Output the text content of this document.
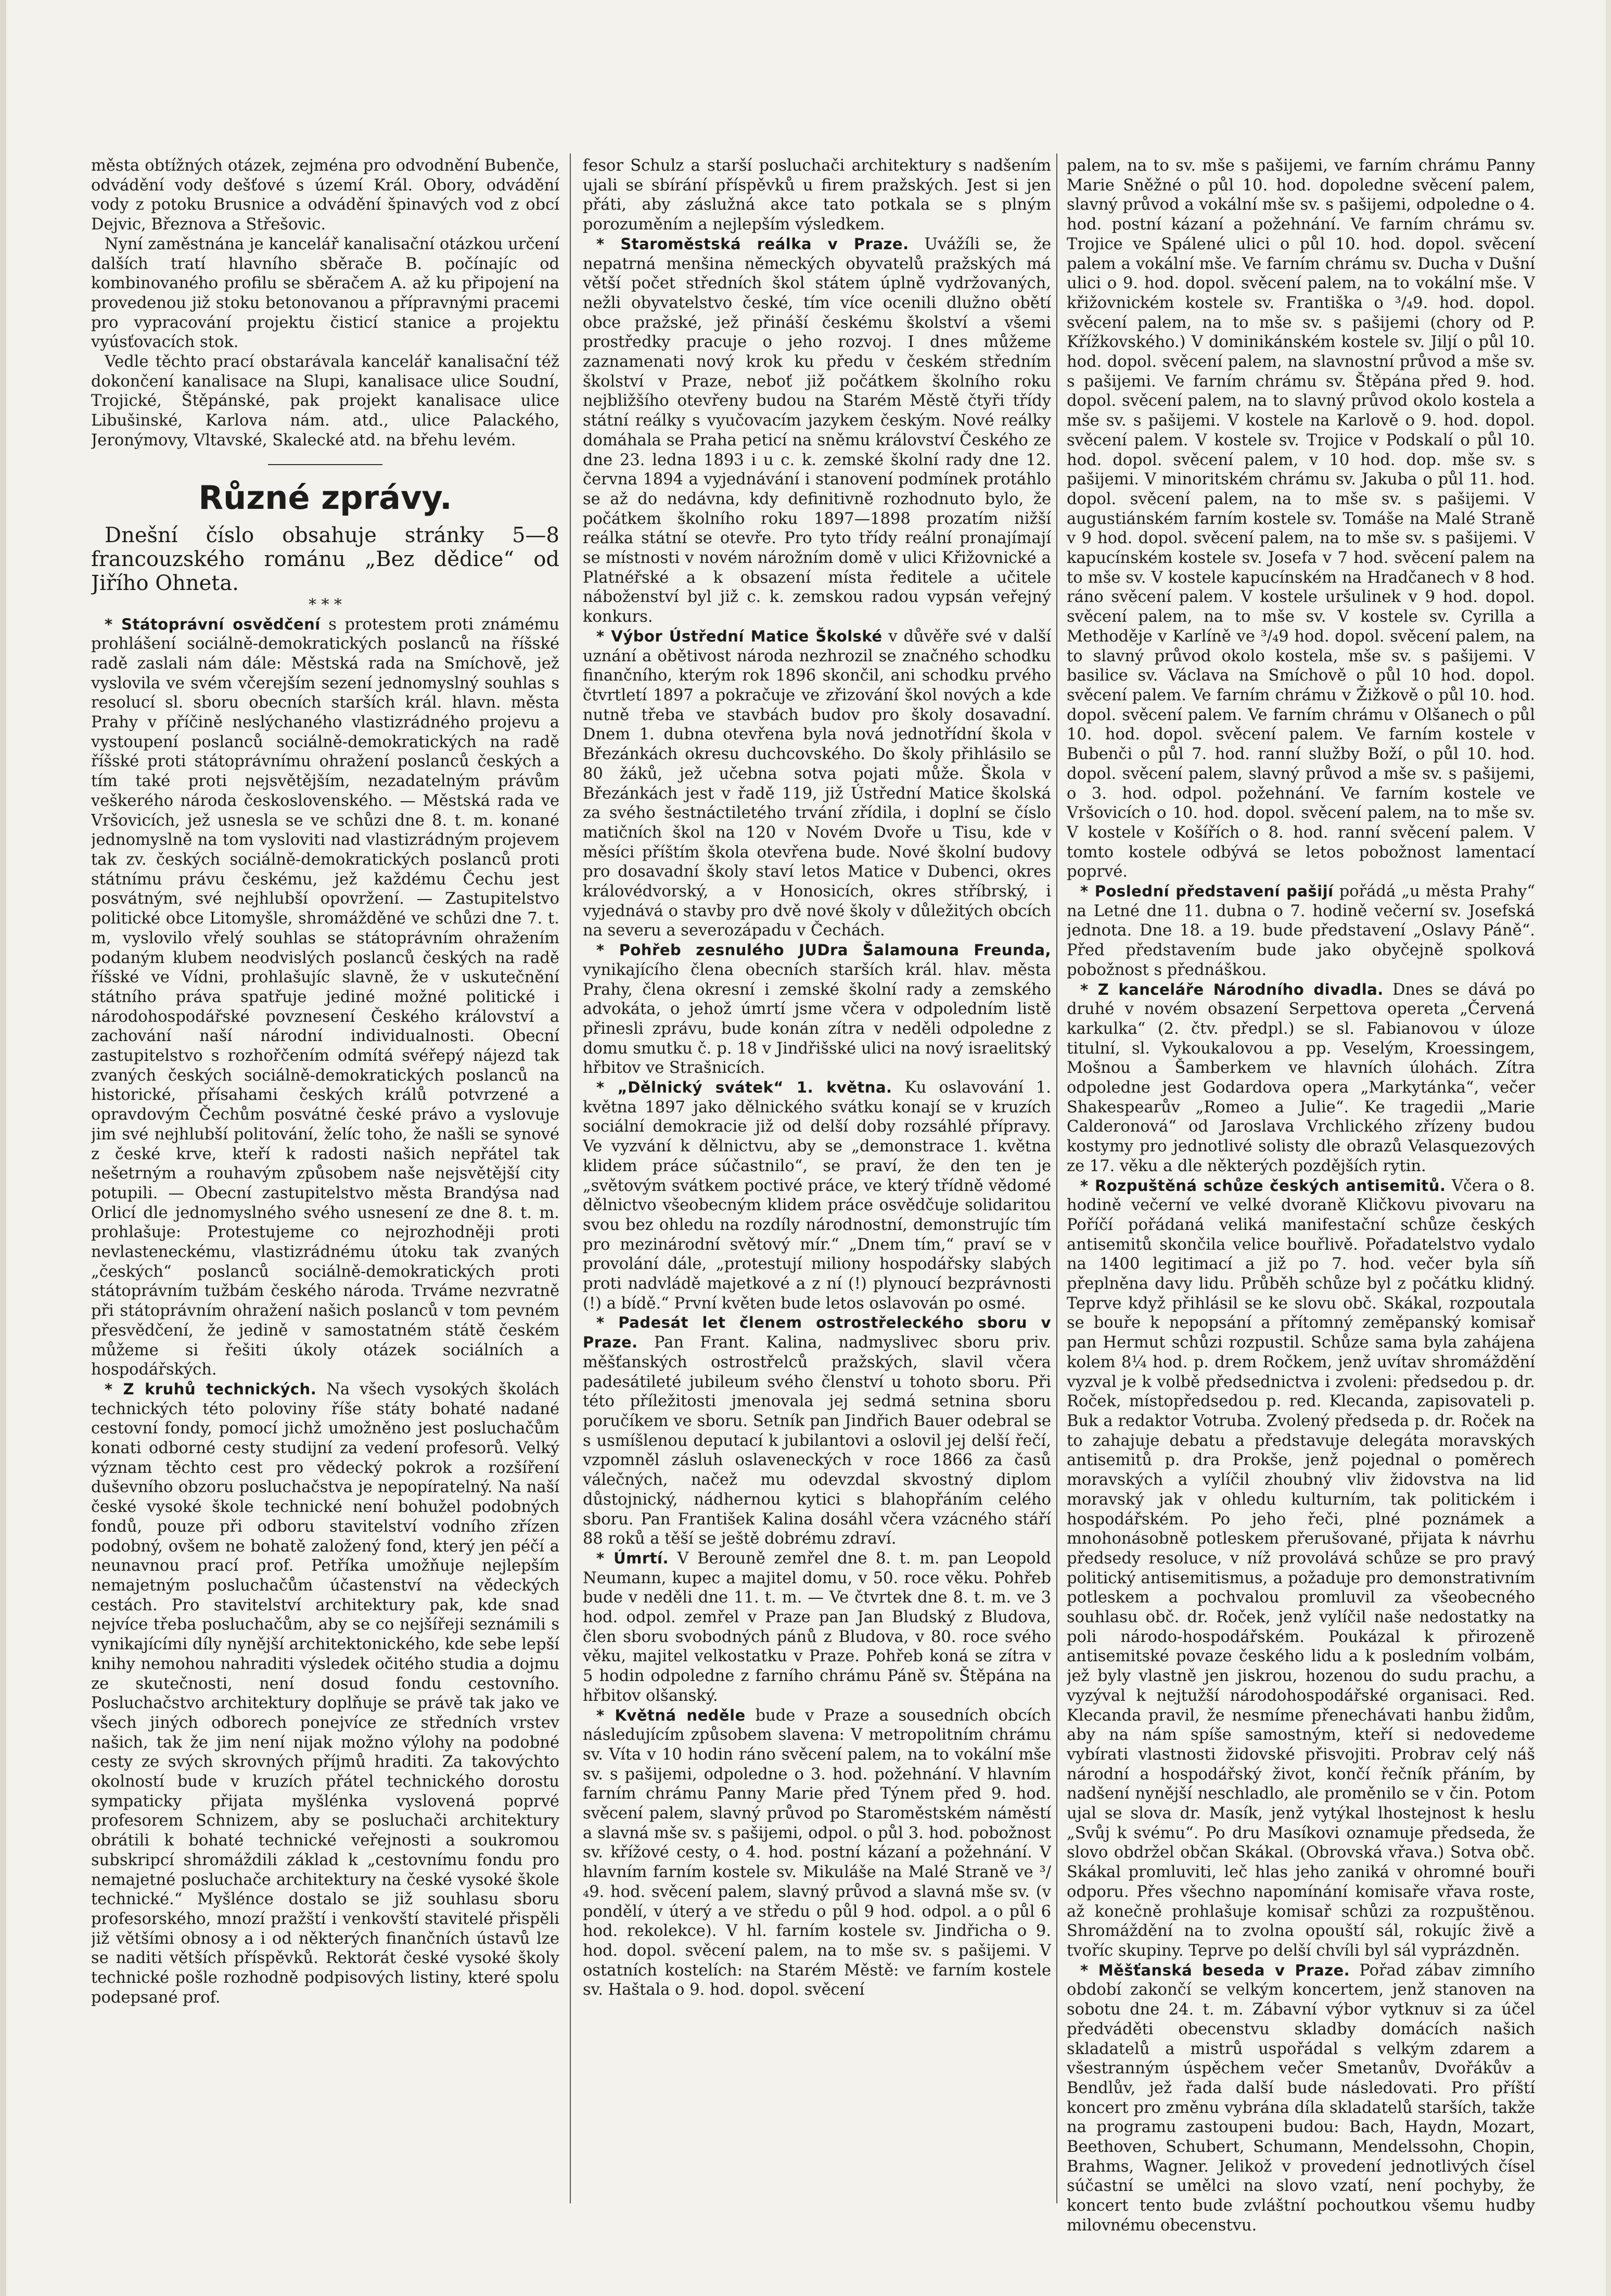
města obtížných otázek, zejména pro odvodnění Bubenče, odvádění vody dešťové s území Král. Obory, odvádění vody z potoku Brusnice a odvádění špinavých vod z obcí Dejvic, Březnova a Střešovic.

Nyní zaměstnána je kancelář kanalisační otázkou určení dalších tratí hlavního sběrače B. počínajíc od kombinovaného profilu se sběračem A. až ku připojení na provedenou již stoku betonovanou a přípravnými pracemi pro vypracování projektu čisticí stanice a projektu vyúsťovacích stok.

Vedle těchto prací obstarávala kancelář kanalisační též dokončení kanalisace na Slupi, kanalisace ulice Soudní, Trojické, Štěpánské, pak projekt kanalisace ulice Libušinské, Karlova nám. atd., ulice Palackého, Jeronýmovy, Vltavské, Skalecké atd. na břehu levém.

Různé zprávy.

Dnešní číslo obsahuje stránky 5—8 francouzského románu „Bez dědice“ od Jiřího Ohneta.

* * *

* Státoprávní osvědčení s protestem proti známému prohlášení sociálně-demokratických poslanců na říšské radě zaslali nám dále: Městská rada na Smíchově, jež vyslovila ve svém včerejším sezení jednomyslný souhlas s resolucí sl. sboru obecních starších král. hlavn. města Prahy v příčině neslýchaného vlastizrádného projevu a vystoupení poslanců sociálně-demokratických na radě říšské proti státoprávnímu ohražení poslanců českých a tím také proti nejsvětějším, nezadatelným právům veškerého národa československého. — Městská rada ve Vršovicích, jež usnesla se ve schůzi dne 8. t. m. konané jednomyslně na tom vysloviti nad vlastizrádným projevem tak zv. českých sociálně-demokratických poslanců proti státnímu právu českému, jež každému Čechu jest posvátným, své nejhlubší opovržení. — Zastupitelstvo politické obce Litomyšle, shromážděné ve schůzi dne 7. t. m, vyslovilo vřelý souhlas se státoprávním ohražením podaným klubem neodvislých poslanců českých na radě říšské ve Vídni, prohlašujíc slavně, že v uskutečnění státního práva spatřuje jediné možné politické i národohospodářské povznesení Českého království a zachování naší národní individualnosti. Obecní zastupitelstvo s rozhořčením odmítá svéřepý nájezd tak zvaných českých sociálně-demokratických poslanců na historické, přísahami českých králů potvrzené a opravdovým Čechům posvátné české právo a vyslovuje jim své nejhlubší politování, želíc toho, že našli se synové z české krve, kteří k radosti našich nepřátel tak nešetrným a rouhavým způsobem naše nejsvětější city potupili. — Obecní zastupitelstvo města Brandýsa nad Orlicí dle jednomyslného svého usnesení ze dne 8. t. m. prohlašuje: Protestujeme co nejrozhodněji proti nevlasteneckému, vlastizrádnému útoku tak zvaných „českých“ poslanců sociálně-demokratických proti státoprávním tužbám českého národa. Trváme nezvratně při státoprávním ohražení našich poslanců v tom pevném přesvědčení, že jedině v samostatném státě českém můžeme si řešiti úkoly otázek sociálních a hospodářských.

* Z kruhů technických. Na všech vysokých školách technických této poloviny říše státy bohaté nadané cestovní fondy, pomocí jichž umožněno jest posluchačům konati odborné cesty studijní za vedení profesorů. Velký význam těchto cest pro vědecký pokrok a rozšíření duševního obzoru posluchačstva je nepopíratelný. Na naší české vysoké škole technické není bohužel podobných fondů, pouze při odboru stavitelství vodního zřízen podobný, ovšem ne bohatě založený fond, který jen péčí a neunavnou prací prof. Petříka umožňuje nejlepším nemajetným posluchačům účastenství na vědeckých cestách. Pro stavitelství architektury pak, kde snad nejvíce třeba posluchačům, aby se co nejšířeji seznámili s vynikajícími díly nynější architektonického, kde sebe lepší knihy nemohou nahraditi výsledek očitého studia a dojmu ze skutečnosti, není dosud fondu cestovního. Posluchačstvo architektury doplňuje se právě tak jako ve všech jiných odborech ponejvíce ze středních vrstev našich, tak že jim není nijak možno výlohy na podobné cesty ze svých skrovných příjmů hraditi. Za takovýchto okolností bude v kruzích přátel technického dorostu sympaticky přijata myšlénka vyslovená poprvé profesorem Schnizem, aby se posluchači architektury obrátili k bohaté technické veřejnosti a soukromou subskripcí shromáždili základ k „cestovnímu fondu pro nemajetné posluchače architektury na české vysoké škole technické.“ Myšlénce dostalo se již souhlasu sboru profesorského, mnozí pražští i venkovští stavitelé přispěli již většími obnosy a i od některých finančních ústavů lze se naditi větších příspěvků. Rektorát české vysoké školy technické pošle rozhodně podpisových listiny, které spolu podepsané prof.

fesor Schulz a starší posluchači architektury s nadšením ujali se sbírání příspěvků u firem pražských. Jest si jen přáti, aby záslužná akce tato potkala se s plným porozuměním a nejlepším výsledkem.

* Staroměstská reálka v Praze. Uvážíli se, že nepatrná menšina německých obyvatelů pražských má větší počet středních škol státem úplně vydržovaných, nežli obyvatelstvo české, tím více ocenili dlužno obětí obce pražské, jež přináší českému školství a všemi prostředky pracuje o jeho rozvoj. I dnes můžeme zaznamenati nový krok ku předu v českém středním školství v Praze, neboť již počátkem školního roku nejbližšího otevřeny budou na Starém Městě čtyři třídy státní reálky s vyučovacím jazykem českým. Nové reálky domáhala se Praha peticí na sněmu království Českého ze dne 23. ledna 1893 i u c. k. zemské školní rady dne 12. června 1894 a vyjednávání i stanovení podmínek protáhlo se až do nedávna, kdy definitivně rozhodnuto bylo, že počátkem školního roku 1897—1898 prozatím nižší reálka státní se otevře. Pro tyto třídy reální pronajímají se místnosti v novém nárožním domě v ulici Křižovnické a Platnéřské a k obsazení místa ředitele a učitele náboženství byl již c. k. zemskou radou vypsán veřejný konkurs.

* Výbor Ústřední Matice Školské v důvěře své v další uznání a obětivost národa nezhrozil se značného schodku finančního, kterým rok 1896 skončil, ani schodku prvého čtvrtletí 1897 a pokračuje ve zřizování škol nových a kde nutně třeba ve stavbách budov pro školy dosavadní. Dnem 1. dubna otevřena byla nová jednotřídní škola v Březánkách okresu duchcovského. Do školy přihlásilo se 80 žáků, jež učebna sotva pojati může. Škola v Březánkách jest v řadě 119, již Ústřední Matice školská za svého šestnáctiletého trvání zřídila, i doplní se číslo matičních škol na 120 v Novém Dvoře u Tisu, kde v měsíci příštím škola otevřena bude. Nové školní budovy pro dosavadní školy staví letos Matice v Dubenci, okres královédvorský, a v Honosicích, okres stříbrský, i vyjednává o stavby pro dvě nové školy v důležitých obcích na severu a severozápadu v Čechách.

* Pohřeb zesnulého JUDra Šalamouna Freunda, vynikajícího člena obecních starších král. hlav. města Prahy, člena okresní i zemské školní rady a zemského advokáta, o jehož úmrtí jsme včera v odpoledním listě přinesli zprávu, bude konán zítra v neděli odpoledne z domu smutku č. p. 18 v Jindřišské ulici na nový israelitský hřbitov ve Strašnicích.

* „Dělnický svátek“ 1. května. Ku oslavování 1. května 1897 jako dělnického svátku konají se v kruzích sociální demokracie již od delší doby rozsáhlé přípravy. Ve vyzvání k dělnictvu, aby se „demonstrace 1. května klidem práce súčastnilo“, se praví, že den ten je „světovým svátkem poctivé práce, ve který třídně vědomé dělnictvo všeobecným klidem práce osvědčuje solidaritou svou bez ohledu na rozdíly národnostní, demonstrujíc tím pro mezinárodní světový mír.“ „Dnem tím,“ praví se v provolání dále, „protestují miliony hospodářsky slabých proti nadvládě majetkové a z ní (!) plynoucí bezprávnosti (!) a bídě.“ První květen bude letos oslavován po osmé.

* Padesát let členem ostrostřeleckého sboru v Praze. Pan Frant. Kalina, nadmyslivec sboru priv. měšťanských ostrostřelců pražských, slavil včera padesátileté jubileum svého členství u tohoto sboru. Při této příležitosti jmenovala jej sedmá setnina sboru poručíkem ve sboru. Setník pan Jindřich Bauer odebral se s usmíšlenou deputací k jubilantovi a oslovil jej delší řečí, vzpomněl zásluh oslaveneckých v roce 1866 za časů válečných, načež mu odevzdal skvostný diplom důstojnický, nádhernou kytici s blahopřáním celého sboru. Pan František Kalina dosáhl včera vzácného stáří 88 roků a těší se ještě dobrému zdraví.

* Úmrtí. V Berouně zemřel dne 8. t. m. pan Leopold Neumann, kupec a majitel domu, v 50. roce věku. Pohřeb bude v neděli dne 11. t. m. — Ve čtvrtek dne 8. t. m. ve 3 hod. odpol. zemřel v Praze pan Jan Bludský z Bludova, člen sboru svobodných pánů z Bludova, v 80. roce svého věku, majitel velkostatku v Praze. Pohřeb koná se zítra v 5 hodin odpoledne z farního chrámu Páně sv. Štěpána na hřbitov olšanský.

* Květná neděle bude v Praze a sousedních obcích následujícím způsobem slavena: V metropolitním chrámu sv. Víta v 10 hodin ráno svěcení palem, na to vokální mše sv. s pašijemi, odpoledne o 3. hod. požehnání. V hlavním farním chrámu Panny Marie před Týnem před 9. hod. svěcení palem, slavný průvod po Staroměstském náměstí a slavná mše sv. s pašijemi, odpol. o půl 3. hod. pobožnost sv. křížové cesty, o 4. hod. postní kázaní a požehnání. V hlavním farním kostele sv. Mikuláše na Malé Straně ve ³/₄9. hod. svěcení palem, slavný průvod a slavná mše sv. (v pondělí, v úterý a ve středu o půl 9 hod. odpol. a o půl 6 hod. rekolekce). V hl. farním kostele sv. Jindřicha o 9. hod. dopol. svěcení palem, na to mše sv. s pašijemi. V ostatních kostelích: na Starém Městě: ve farním kostele sv. Haštala o 9. hod. dopol. svěcení

palem, na to sv. mše s pašijemi, ve farním chrámu Panny Marie Sněžné o půl 10. hod. dopoledne svěcení palem, slavný průvod a vokální mše sv. s pašijemi, odpoledne o 4. hod. postní kázaní a požehnání. Ve farním chrámu sv. Trojice ve Spálené ulici o půl 10. hod. dopol. svěcení palem a vokální mše. Ve farním chrámu sv. Ducha v Dušní ulici o 9. hod. dopol. svěcení palem, na to vokální mše. V křižovnickém kostele sv. Františka o ³/₄9. hod. dopol. svěcení palem, na to mše sv. s pašijemi (chory od P. Křížkovského.) V dominikánském kostele sv. Jiljí o půl 10. hod. dopol. svěcení palem, na slavnostní průvod a mše sv. s pašijemi. Ve farním chrámu sv. Štěpána před 9. hod. dopol. svěcení palem, na to slavný průvod okolo kostela a mše sv. s pašijemi. V kostele na Karlově o 9. hod. dopol. svěcení palem. V kostele sv. Trojice v Podskalí o půl 10. hod. dopol. svěcení palem, v 10 hod. dop. mše sv. s pašijemi. V minoritském chrámu sv. Jakuba o půl 11. hod. dopol. svěcení palem, na to mše sv. s pašijemi. V augustiánském farním kostele sv. Tomáše na Malé Straně v 9 hod. dopol. svěcení palem, na to mše sv. s pašijemi. V kapucínském kostele sv. Josefa v 7 hod. svěcení palem na to mše sv. V kostele kapucínském na Hradčanech v 8 hod. ráno svěcení palem. V kostele uršulinek v 9 hod. dopol. svěcení palem, na to mše sv. V kostele sv. Cyrilla a Methoděje v Karlíně ve ³/₄9 hod. dopol. svěcení palem, na to slavný průvod okolo kostela, mše sv. s pašijemi. V basilice sv. Václava na Smíchově o půl 10 hod. dopol. svěcení palem. Ve farním chrámu v Žižkově o půl 10. hod. dopol. svěcení palem. Ve farním chrámu v Olšanech o půl 10. hod. dopol. svěcení palem. Ve farním kostele v Bubenči o půl 7. hod. ranní služby Boží, o půl 10. hod. dopol. svěcení palem, slavný průvod a mše sv. s pašijemi, o 3. hod. odpol. požehnání. Ve farním kostele ve Vršovicích o 10. hod. dopol. svěcení palem, na to mše sv. V kostele v Košířích o 8. hod. ranní svěcení palem. V tomto kostele odbývá se letos pobožnost lamentací poprvé.

* Poslední představení pašijí pořádá „u města Prahy“ na Letné dne 11. dubna o 7. hodině večerní sv. Josefská jednota. Dne 18. a 19. bude představení „Oslavy Páně“. Před představením bude jako obyčejně spolková pobožnost s přednáškou.

* Z kanceláře Národního divadla. Dnes se dává po druhé v novém obsazení Serpettova opereta „Červená karkulka“ (2. čtv. předpl.) se sl. Fabianovou v úloze titulní, sl. Vykoukalovou a pp. Veselým, Kroessingem, Mošnou a Šamberkem ve hlavních úlohách. Zítra odpoledne jest Godardova opera „Markytánka“, večer Shakespearův „Romeo a Julie“. Ke tragedii „Marie Calderonová“ od Jaroslava Vrchlického zřízeny budou kostymy pro jednotlivé solisty dle obrazů Velasquezových ze 17. věku a dle některých pozdějších rytin.

* Rozpuštěná schůze českých antisemitů. Včera o 8. hodině večerní ve velké dvoraně Kličkovu pivovaru na Poříčí pořádaná veliká manifestační schůze českých antisemitů skončila velice bouřlivě. Pořadatelstvo vydalo na 1400 legitimací a již po 7. hod. večer byla síň přeplněna davy lidu. Průběh schůze byl z počátku klidný. Teprve když přihlásil se ke slovu obč. Skákal, rozpoutala se bouře k nepopsání a přítomný zeměpanský komisař pan Hermut schůzi rozpustil. Schůze sama byla zahájena kolem 8¼ hod. p. drem Ročkem, jenž uvítav shromáždění vyzval je k volbě předsednictva i zvoleni: předsedou p. dr. Roček, místopředsedou p. red. Klecanda, zapisovateli p. Buk a redaktor Votruba. Zvolený předseda p. dr. Roček na to zahajuje debatu a představuje delegáta moravských antisemitů p. dra Prokše, jenž pojednal o poměrech moravských a vylíčil zhoubný vliv židovstva na lid moravský jak v ohledu kulturním, tak politickém i hospodářském. Po jeho řeči, plné poznámek a mnohonásobně potleskem přerušované, přijata k návrhu předsedy resoluce, v níž provolává schůze se pro pravý politický antisemitismus, a požaduje pro demonstrativním potleskem a pochvalou promluvil za všeobecného souhlasu obč. dr. Roček, jenž vylíčil naše nedostatky na poli národo-hospodářském. Poukázal k přirozeně antisemitské povaze českého lidu a k posledním volbám, jež byly vlastně jen jiskrou, hozenou do sudu prachu, a vyzýval k nejtužší národohospodářské organisaci. Red. Klecanda pravil, že nesmíme přenechávati hanbu židům, aby na nám spíše samostným, kteří si nedovedeme vybírati vlastnosti židovské přisvojiti. Probrav celý náš národní a hospodářský život, končí řečník přáním, by nadšení nynější neschladlo, ale proměnilo se v čin. Potom ujal se slova dr. Masík, jenž vytýkal lhostejnost k heslu „Svůj k svému“. Po dru Masíkovi oznamuje předseda, že slovo obdržel občan Skákal. (Obrovská vřava.) Sotva obč. Skákal promluviti, leč hlas jeho zaniká v ohromné bouři odporu. Přes všechno napomínání komisaře vřava roste, až konečně prohlašuje komisař schůzi za rozpuštěnou. Shromáždění na to zvolna opouští sál, rokujíc živě a tvoříc skupiny. Teprve po delší chvíli byl sál vyprázdněn.

* Měšťanská beseda v Praze. Pořad zábav zimního období zakončí se velkým koncertem, jenž stanoven na sobotu dne 24. t. m. Zábavní výbor vytknuv si za účel předváděti obecenstvu skladby domácích našich skladatelů a mistrů uspořádal s velkým zdarem a všestranným úspěchem večer Smetanův, Dvořákův a Bendlův, jež řada další bude následovati. Pro příští koncert pro změnu vybrána díla skladatelů starších, takže na programu zastoupeni budou: Bach, Haydn, Mozart, Beethoven, Schubert, Schumann, Mendelssohn, Chopin, Brahms, Wagner. Jelikož v provedení jednotlivých čísel súčastní se umělci na slovo vzatí, není pochyby, že koncert tento bude zvláštní pochoutkou všemu hudby milovnému obecenstvu.
